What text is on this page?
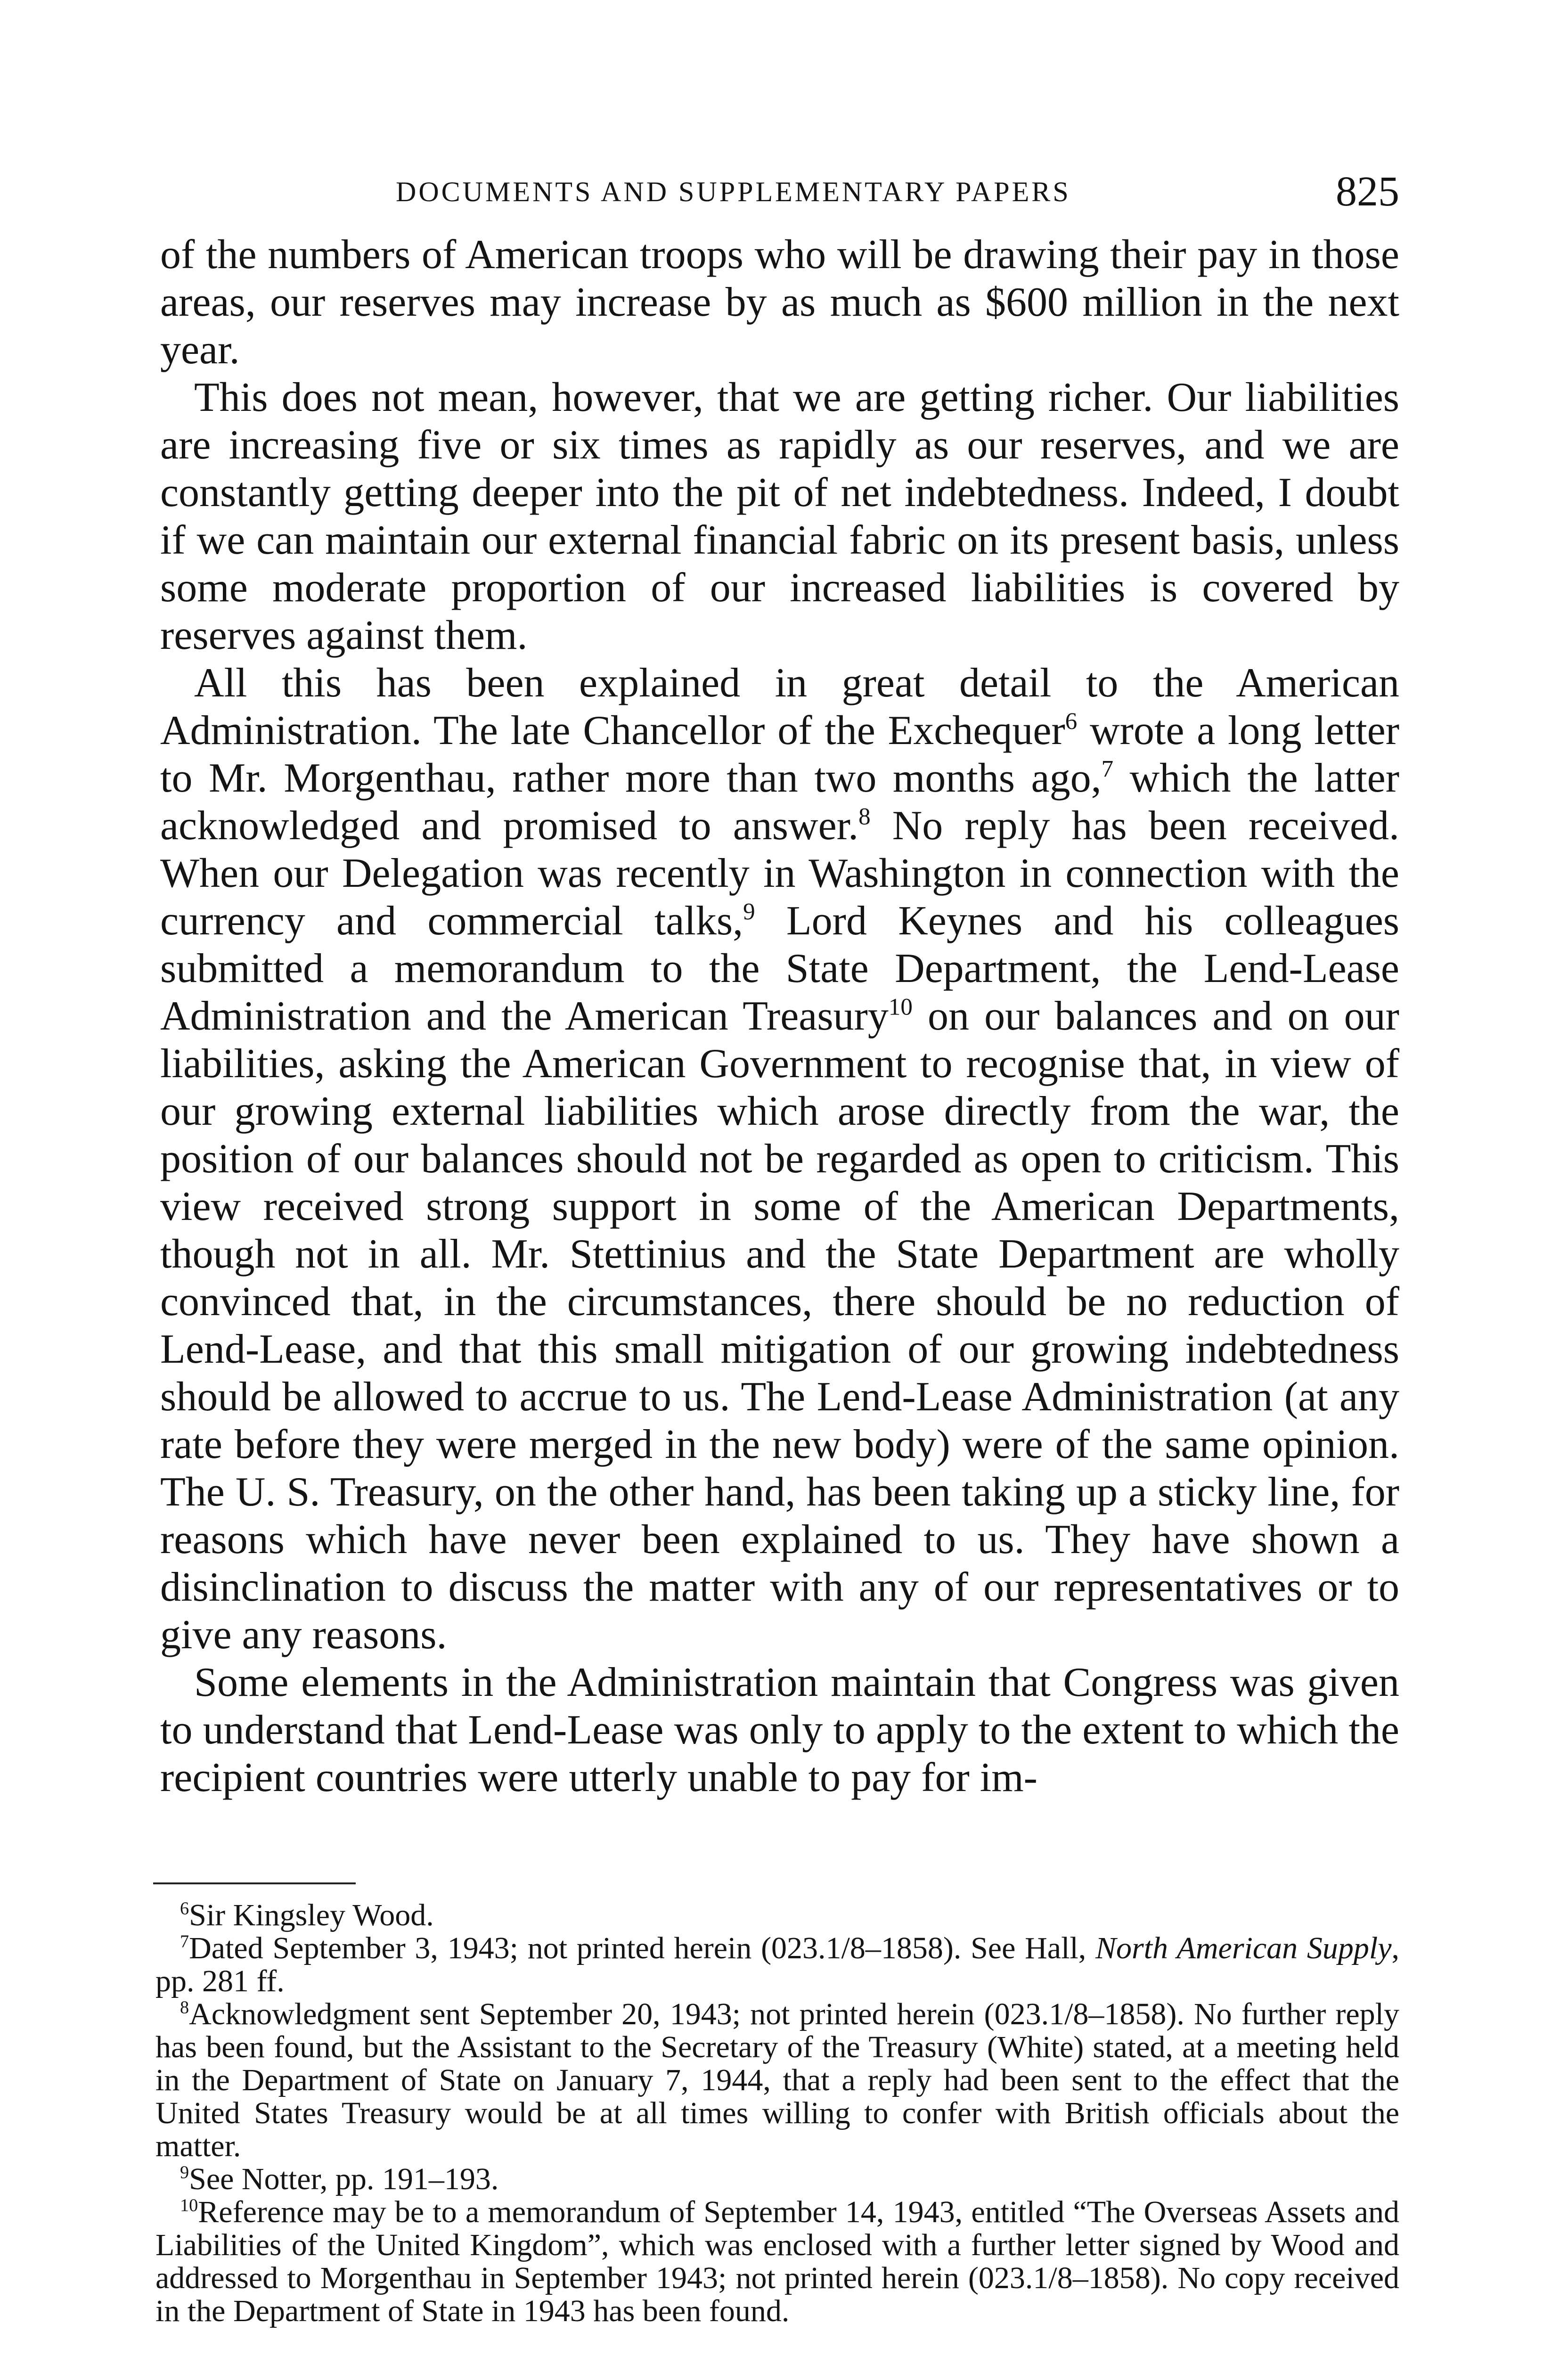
DOCUMENTS AND SUPPLEMENTARY PAPERS	825

of the numbers of American troops who will be drawing their pay in those areas, our reserves may increase by as much as $600 million in the next year.

This does not mean, however, that we are getting richer. Our liabilities are increasing five or six times as rapidly as our reserves, and we are constantly getting deeper into the pit of net indebtedness. Indeed, I doubt if we can maintain our external financial fabric on its present basis, unless some moderate proportion of our increased liabilities is covered by reserves against them.

All this has been explained in great detail to the American Administration. The late Chancellor of the Exchequer$^6$ wrote a long letter to Mr. Morgenthau, rather more than two months ago,$^7$ which the latter acknowledged and promised to answer.$^8$ No reply has been received. When our Delegation was recently in Washington in connection with the currency and commercial talks,$^9$ Lord Keynes and his colleagues submitted a memorandum to the State Department, the Lend-Lease Administration and the American Treasury$^{10}$ on our balances and on our liabilities, asking the American Government to recognise that, in view of our growing external liabilities which arose directly from the war, the position of our balances should not be regarded as open to criticism. This view received strong support in some of the American Departments, though not in all. Mr. Stettinius and the State Department are wholly convinced that, in the circumstances, there should be no reduction of Lend-Lease, and that this small mitigation of our growing indebtedness should be allowed to accrue to us. The Lend-Lease Administration (at any rate before they were merged in the new body) were of the same opinion. The U. S. Treasury, on the other hand, has been taking up a sticky line, for reasons which have never been explained to us. They have shown a disinclination to discuss the matter with any of our representatives or to give any reasons.

Some elements in the Administration maintain that Congress was given to understand that Lend-Lease was only to apply to the extent to which the recipient countries were utterly unable to pay for im-

$^6$Sir Kingsley Wood.

$^7$Dated September 3, 1943; not printed herein (023.1/8–1858). See Hall, North American Supply, pp. 281 ff.

$^8$Acknowledgment sent September 20, 1943; not printed herein (023.1/8–1858). No further reply has been found, but the Assistant to the Secretary of the Treasury (White) stated, at a meeting held in the Department of State on January 7, 1944, that a reply had been sent to the effect that the United States Treasury would be at all times willing to confer with British officials about the matter.

$^9$See Notter, pp. 191–193.

$^{10}$Reference may be to a memorandum of September 14, 1943, entitled “The Overseas Assets and Liabilities of the United Kingdom”, which was enclosed with a further letter signed by Wood and addressed to Morgenthau in September 1943; not printed herein (023.1/8–1858). No copy received in the Department of State in 1943 has been found.
